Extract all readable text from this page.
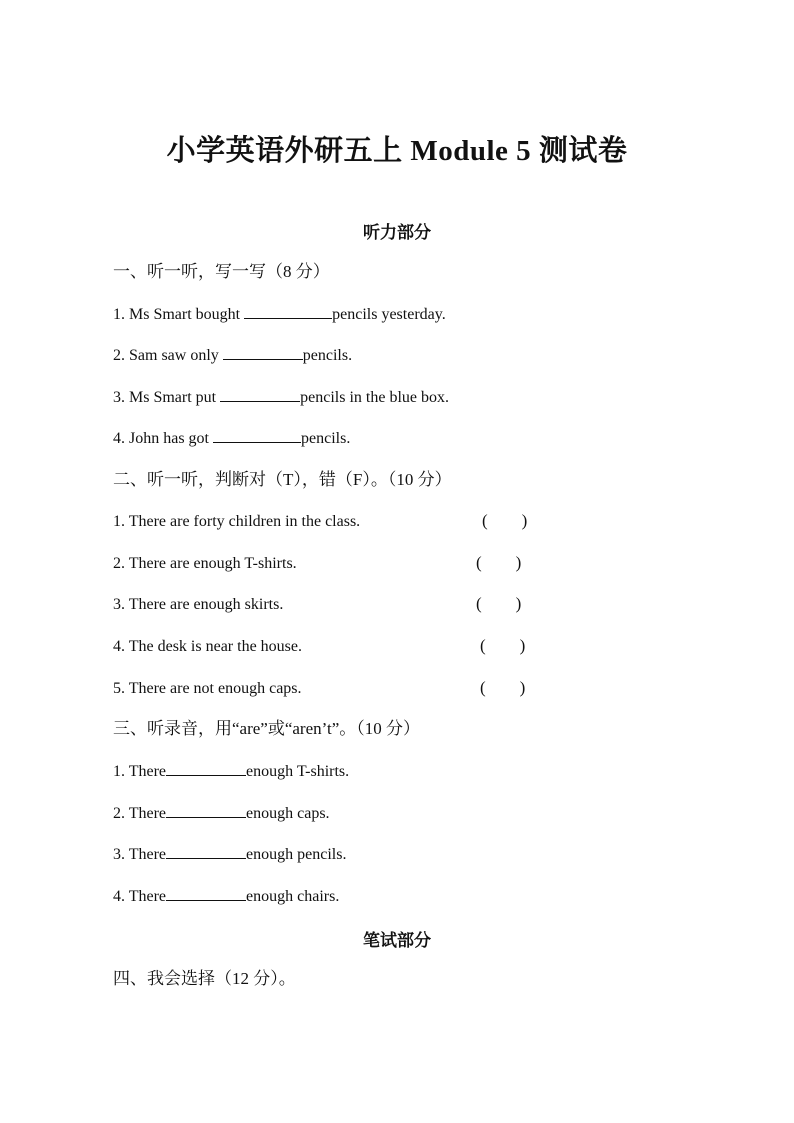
小学英语外研五上 Module 5 测试卷
听力部分
一、听一听，写一写（8 分）
1. Ms Smart bought	pencils yesterday.
2. Sam saw only	pencils.
3. Ms Smart put	pencils in the blue box.
4. John has got	pencils.
二、听一听，判断对（T），错（F）。（10 分）
1. There are forty children in the class.	(        )
2. There are enough T-shirts.	(        )
3. There are enough skirts.	(        )
4. The desk is near the house.	(        )
5. There are not enough caps.	(        )
三、听录音，用“are”或“aren’t”。（10 分）
1. There	enough T-shirts.
2. There	enough caps.
3. There	enough pencils.
4. There	enough chairs.
笔试部分
四、我会选择（12 分）。
